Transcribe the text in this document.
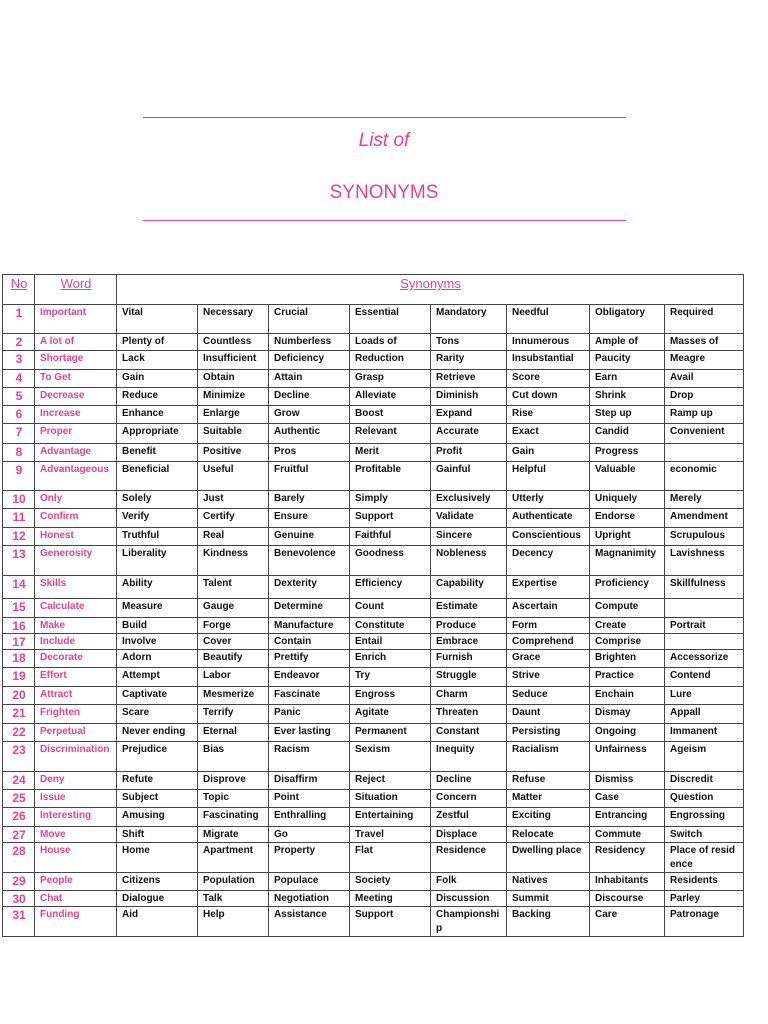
List of
SYNONYMS
No	Word	Synonyms							
1	Important	Vital	Necessary	Crucial	Essential	Mandatory	Needful	Obligatory	Required
2	A lot of	Plenty of	Countless	Numberless	Loads of	Tons	Innumerous	Ample of	Masses of
3	Shortage	Lack	Insufficient	Deficiency	Reduction	Rarity	Insubstantial	Paucity	Meagre
4	To Get	Gain	Obtain	Attain	Grasp	Retrieve	Score	Earn	Avail
5	Decrease	Reduce	Minimize	Decline	Alleviate	Diminish	Cut down	Shrink	Drop
6	Increase	Enhance	Enlarge	Grow	Boost	Expand	Rise	Step up	Ramp up
7	Proper	Appropriate	Suitable	Authentic	Relevant	Accurate	Exact	Candid	Convenient
8	Advantage	Benefit	Positive	Pros	Merit	Profit	Gain	Progress	
9	Advantageous	Beneficial	Useful	Fruitful	Profitable	Gainful	Helpful	Valuable	economic
10	Only	Solely	Just	Barely	Simply	Exclusively	Utterly	Uniquely	Merely
11	Confirm	Verify	Certify	Ensure	Support	Validate	Authenticate	Endorse	Amendment
12	Honest	Truthful	Real	Genuine	Faithful	Sincere	Conscientious	Upright	Scrupulous
13	Generosity	Liberality	Kindness	Benevolence	Goodness	Nobleness	Decency	Magnanimity	Lavishness
14	Skills	Ability	Talent	Dexterity	Efficiency	Capability	Expertise	Proficiency	Skillfulness
15	Calculate	Measure	Gauge	Determine	Count	Estimate	Ascertain	Compute	
16	Make	Build	Forge	Manufacture	Constitute	Produce	Form	Create	Portrait
17	Include	Involve	Cover	Contain	Entail	Embrace	Comprehend	Comprise	
18	Decorate	Adorn	Beautify	Prettify	Enrich	Furnish	Grace	Brighten	Accessorize
19	Effort	Attempt	Labor	Endeavor	Try	Struggle	Strive	Practice	Contend
20	Attract	Captivate	Mesmerize	Fascinate	Engross	Charm	Seduce	Enchain	Lure
21	Frighten	Scare	Terrify	Panic	Agitate	Threaten	Daunt	Dismay	Appall
22	Perpetual	Never ending	Eternal	Ever lasting	Permanent	Constant	Persisting	Ongoing	Immanent
23	Discrimination	Prejudice	Bias	Racism	Sexism	Inequity	Racialism	Unfairness	Ageism
24	Deny	Refute	Disprove	Disaffirm	Reject	Decline	Refuse	Dismiss	Discredit
25	Issue	Subject	Topic	Point	Situation	Concern	Matter	Case	Question
26	Interesting	Amusing	Fascinating	Enthralling	Entertaining	Zestful	Exciting	Entrancing	Engrossing
27	Move	Shift	Migrate	Go	Travel	Displace	Relocate	Commute	Switch
28	House	Home	Apartment	Property	Flat	Residence	Dwelling place	Residency	Place of residence
29	People	Citizens	Population	Populace	Society	Folk	Natives	Inhabitants	Residents
30	Chat	Dialogue	Talk	Negotiation	Meeting	Discussion	Summit	Discourse	Parley
31	Funding	Aid	Help	Assistance	Support	Championship	Backing	Care	Patronage
